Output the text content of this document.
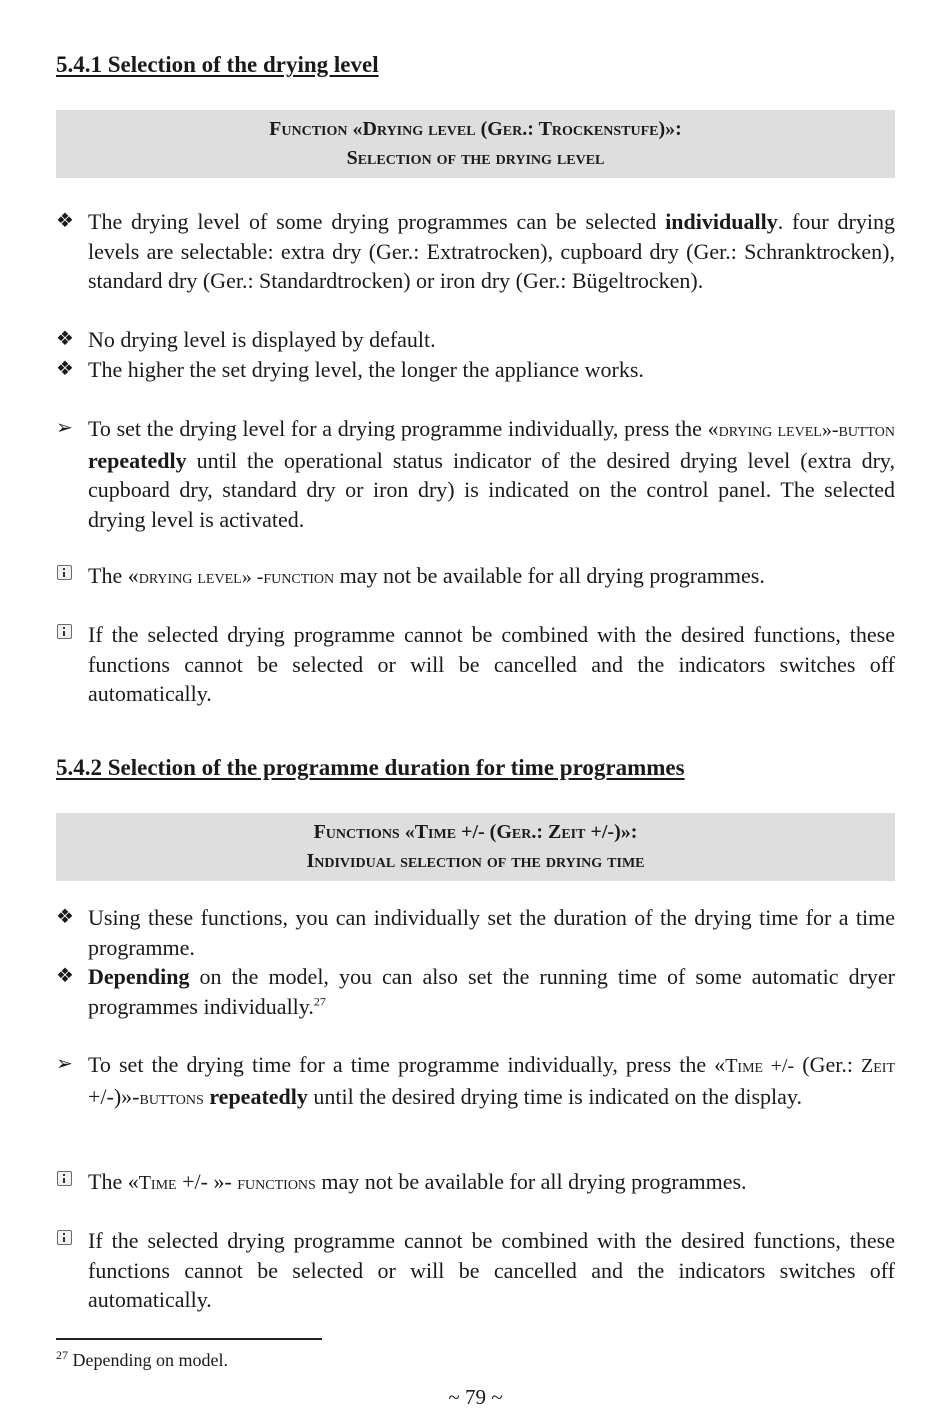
5.4.1 Selection of the drying level
Function «Drying level (Ger.: Trockenstufe)»:
Selection of the drying level
❖ The drying level of some drying programmes can be selected individually. four drying levels are selectable: extra dry (Ger.: Extratrocken), cupboard dry (Ger.: Schranktrocken), standard dry (Ger.: Standardtrocken) or iron dry (Ger.: Bügeltrocken).
❖ No drying level is displayed by default.
❖ The higher the set drying level, the longer the appliance works.
➢ To set the drying level for a drying programme individually, press the «drying level»-button repeatedly until the operational status indicator of the desired drying level (extra dry, cupboard dry, standard dry or iron dry) is indicated on the control panel. The selected drying level is activated.
The «drying level» -function may not be available for all drying programmes.
If the selected drying programme cannot be combined with the desired functions, these functions cannot be selected or will be cancelled and the indicators switches off automatically.
5.4.2 Selection of the programme duration for time programmes
Functions «Time +/- (Ger.: Zeit +/-)»:
Individual selection of the drying time
❖ Using these functions, you can individually set the duration of the drying time for a time programme.
❖ Depending on the model, you can also set the running time of some automatic dryer programmes individually.$^{27}$
➢ To set the drying time for a time programme individually, press the «Time +/- (Ger.: Zeit +/-)»-buttons repeatedly until the desired drying time is indicated on the display.
The «Time +/- »- functions may not be available for all drying programmes.
If the selected drying programme cannot be combined with the desired functions, these functions cannot be selected or will be cancelled and the indicators switches off automatically.
$^{27}$ Depending on model.
~ 79 ~
